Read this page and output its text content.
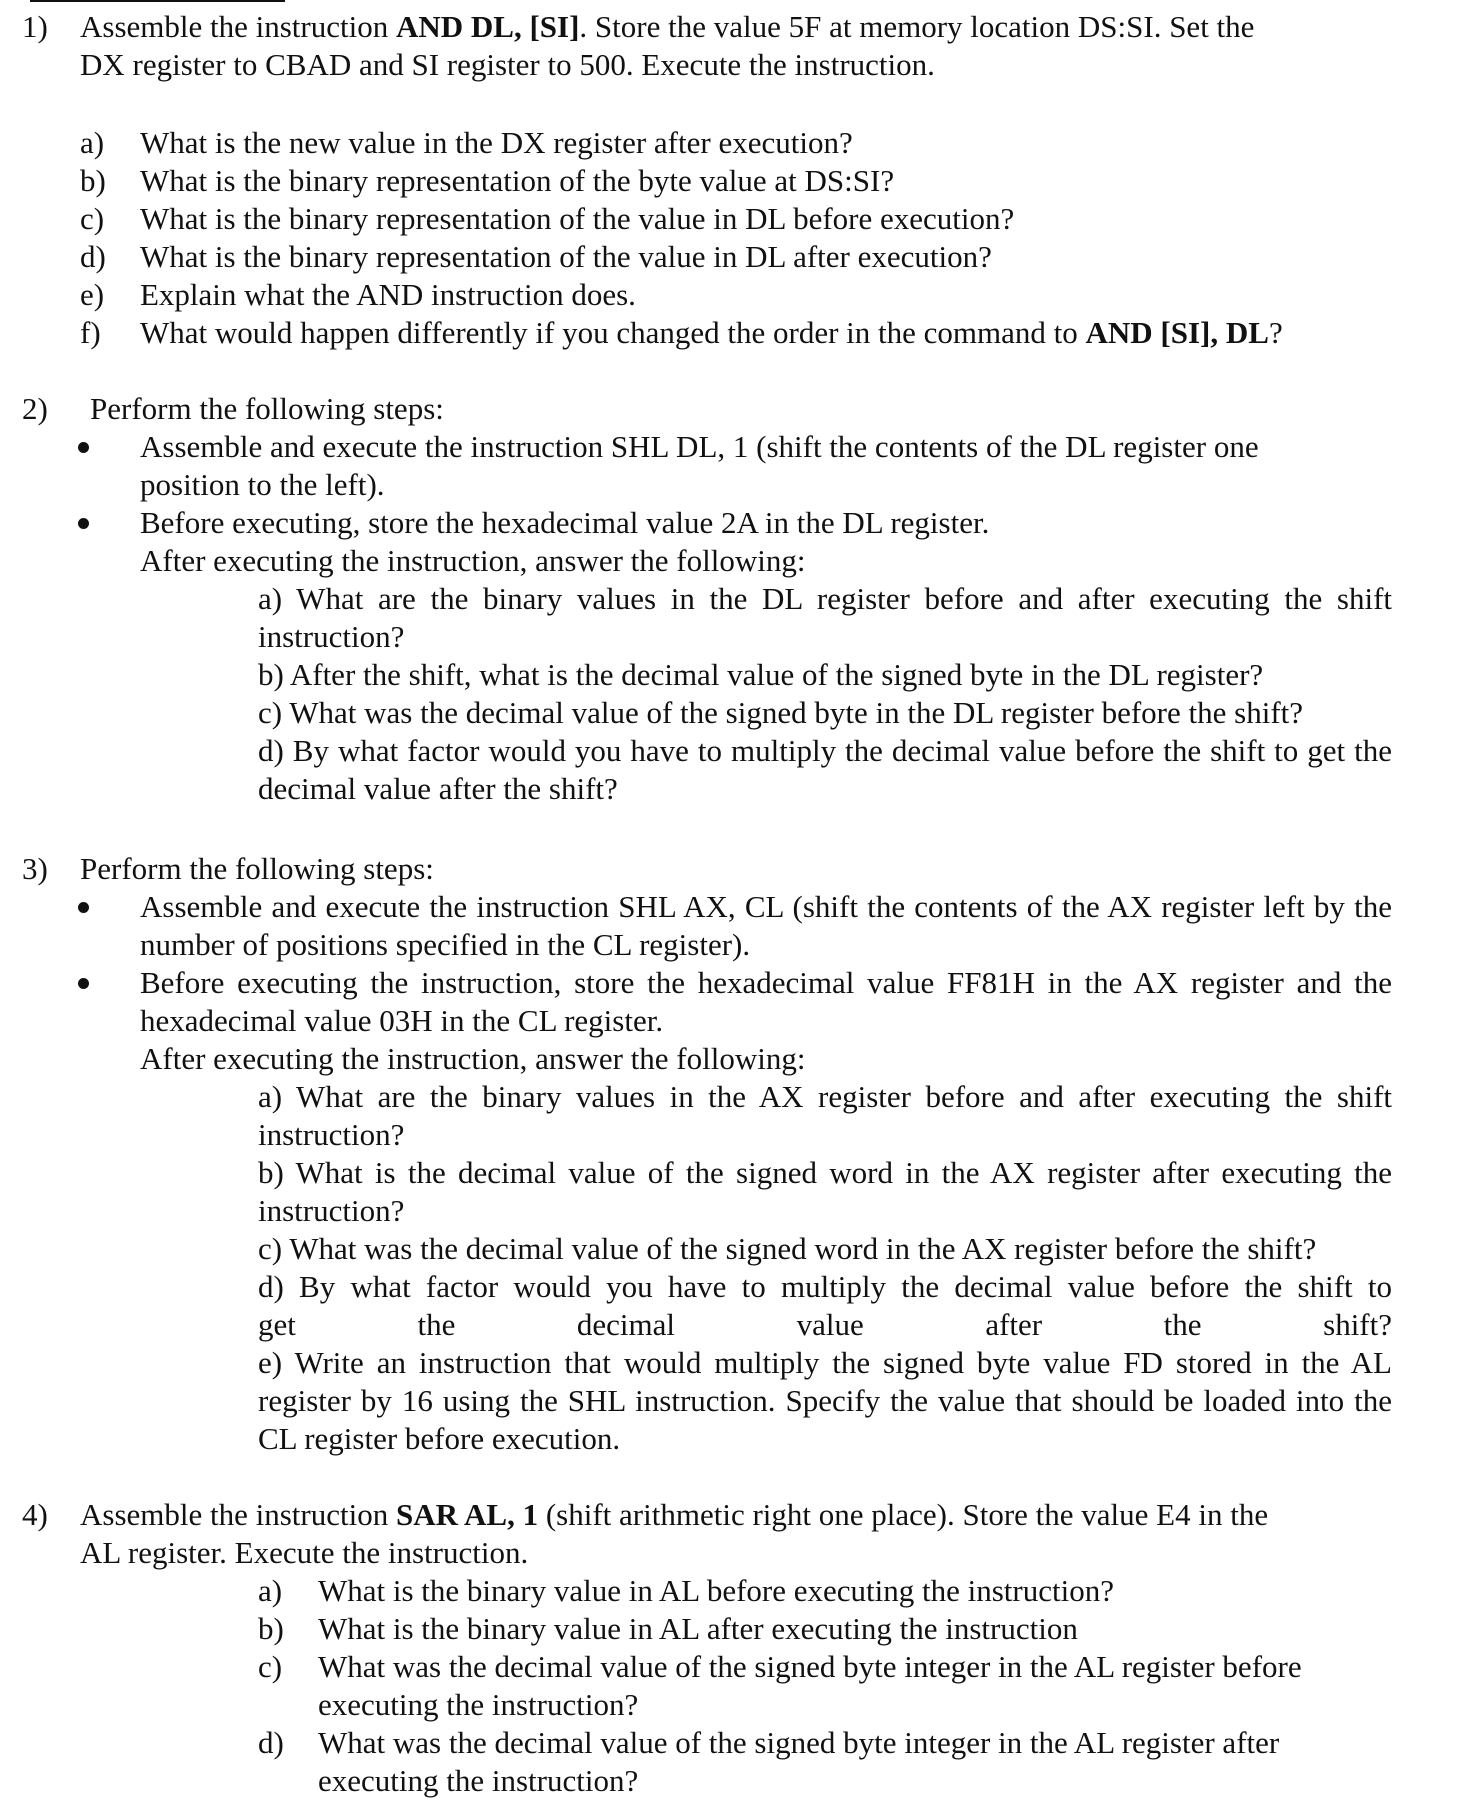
1) Assemble the instruction AND DL, [SI]. Store the value 5F at memory location DS:SI. Set the
DX register to CBAD and SI register to 500. Execute the instruction.
a) What is the new value in the DX register after execution?
b) What is the binary representation of the byte value at DS:SI?
c) What is the binary representation of the value in DL before execution?
d) What is the binary representation of the value in DL after execution?
e) Explain what the AND instruction does.
f) What would happen differently if you changed the order in the command to AND [SI], DL?
2) Perform the following steps:
Assemble and execute the instruction SHL DL, 1 (shift the contents of the DL register one
position to the left).
Before executing, store the hexadecimal value 2A in the DL register.
After executing the instruction, answer the following:
a) What are the binary values in the DL register before and after executing the shift instruction?
b) After the shift, what is the decimal value of the signed byte in the DL register?
c) What was the decimal value of the signed byte in the DL register before the shift?
d) By what factor would you have to multiply the decimal value before the shift to get the decimal value after the shift?
3) Perform the following steps:
Assemble and execute the instruction SHL AX, CL (shift the contents of the AX register left by the number of positions specified in the CL register).
Before executing the instruction, store the hexadecimal value FF81H in the AX register and the hexadecimal value 03H in the CL register.
After executing the instruction, answer the following:
a) What are the binary values in the AX register before and after executing the shift instruction?
b) What is the decimal value of the signed word in the AX register after executing the instruction?
c) What was the decimal value of the signed word in the AX register before the shift?
d) By what factor would you have to multiply the decimal value before the shift to
get the decimal value after the shift?
e) Write an instruction that would multiply the signed byte value FD stored in the AL register by 16 using the SHL instruction. Specify the value that should be loaded into the CL register before execution.
4) Assemble the instruction SAR AL, 1 (shift arithmetic right one place). Store the value E4 in the
AL register. Execute the instruction.
a) What is the binary value in AL before executing the instruction?
b) What is the binary value in AL after executing the instruction
c) What was the decimal value of the signed byte integer in the AL register before
executing the instruction?
d) What was the decimal value of the signed byte integer in the AL register after
executing the instruction?
